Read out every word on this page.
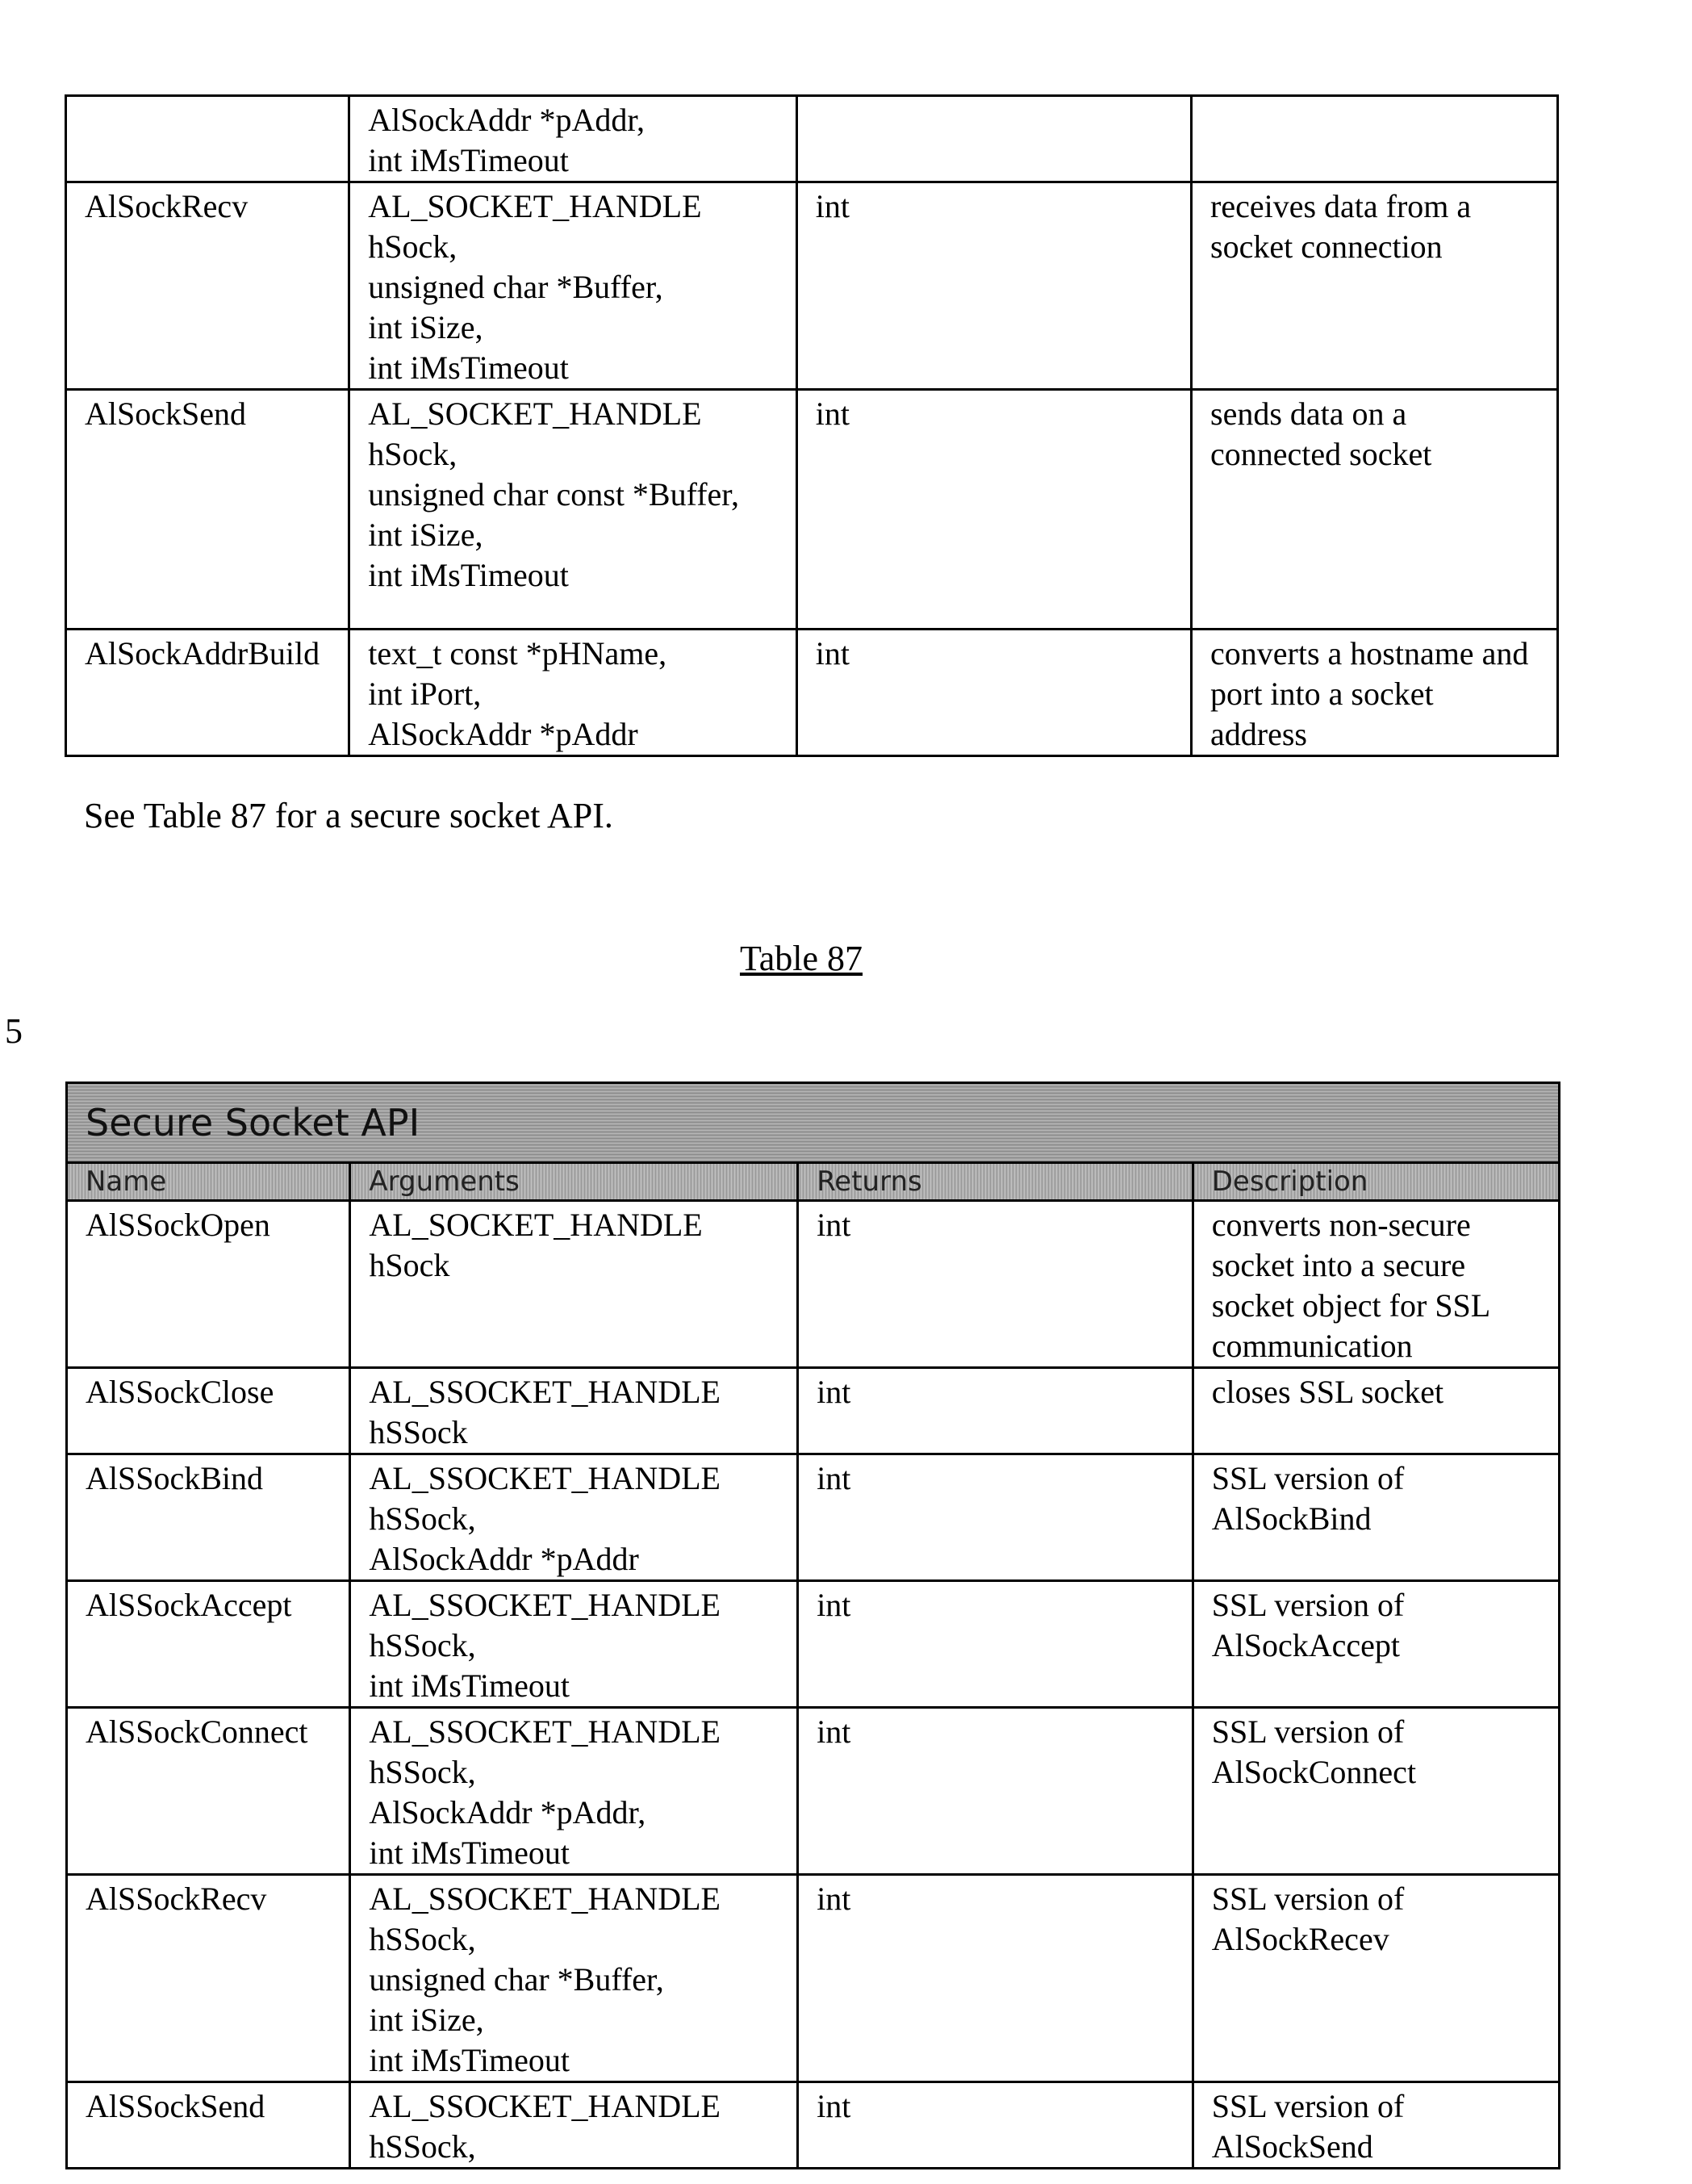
	AlSockAddr *pAddr,
int iMsTimeout		
AlSockRecv	AL_SOCKET_HANDLE
hSock,
unsigned char *Buffer,
int iSize,
int iMsTimeout	int	receives data from a
socket connection
AlSockSend	AL_SOCKET_HANDLE
hSock,
unsigned char const *Buffer,
int iSize,
int iMsTimeout	int	sends data on a
connected socket
AlSockAddrBuild	text_t const *pHName,
int iPort,
AlSockAddr *pAddr	int	converts a hostname and
port into a socket
address
See Table 87 for a secure socket API.
Table 87
5
Secure Socket API
Name	Arguments	Returns	Description
AlSSockOpen	AL_SOCKET_HANDLE
hSock	int	converts non-secure
socket into a secure
socket object for SSL
communication
AlSSockClose	AL_SSOCKET_HANDLE
hSSock	int	closes SSL socket
AlSSockBind	AL_SSOCKET_HANDLE
hSSock,
AlSockAddr *pAddr	int	SSL version of
AlSockBind
AlSSockAccept	AL_SSOCKET_HANDLE
hSSock,
int iMsTimeout	int	SSL version of
AlSockAccept
AlSSockConnect	AL_SSOCKET_HANDLE
hSSock,
AlSockAddr *pAddr,
int iMsTimeout	int	SSL version of
AlSockConnect
AlSSockRecv	AL_SSOCKET_HANDLE
hSSock,
unsigned char *Buffer,
int iSize,
int iMsTimeout	int	SSL version of
AlSockRecev
AlSSockSend	AL_SSOCKET_HANDLE
hSSock,	int	SSL version of
AlSockSend
